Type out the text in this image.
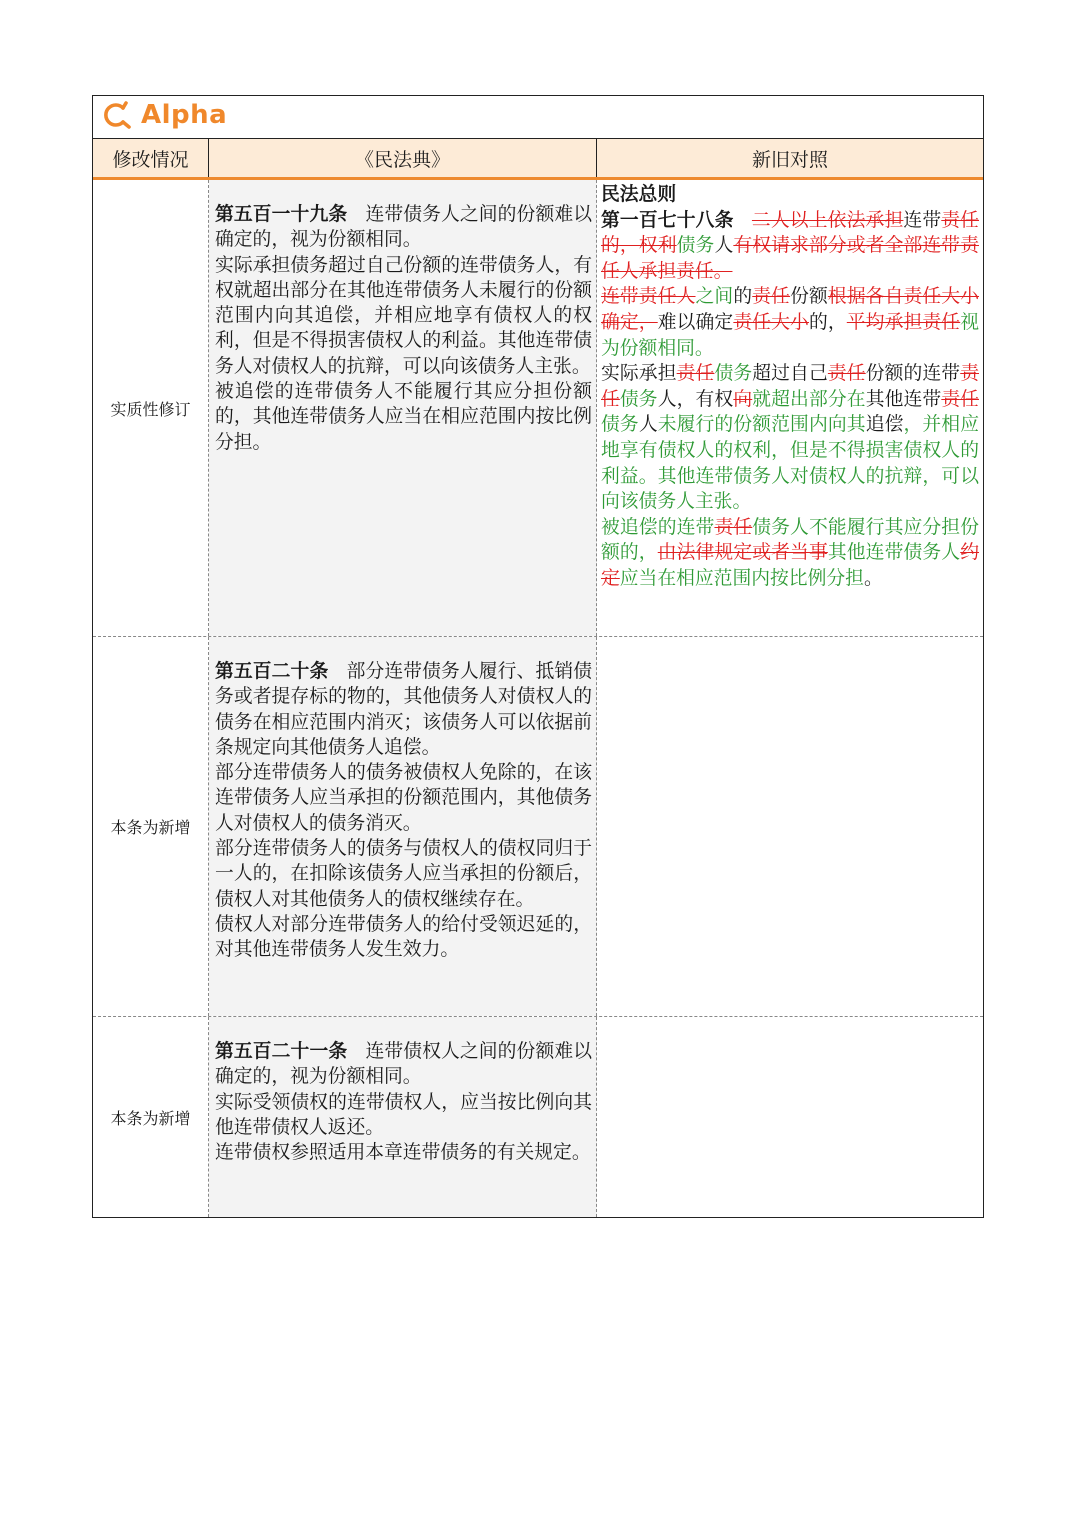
Alpha
修改情况	《民法典》	新旧对照
实质性修订

第五百一十九条 连带债务人之间的份额难以确定的，视为份额相同。

实际承担债务超过自己份额的连带债务人，有权就超出部分在其他连带债务人未履行的份额范围内向其追偿，并相应地享有债权人的权利，但是不得损害债权人的利益。其他连带债务人对债权人的抗辩，可以向该债务人主张。

被追偿的连带债务人不能履行其应分担份额的，其他连带债务人应当在相应范围内按比例分担。

民法总则

第一百七十八条 二人以上依法承担连带责任的，权利债务人有权请求部分或者全部连带责任人承担责任。

连带责任人之间的责任份额根据各自责任大小确定，难以确定责任大小的，平均承担责任视为份额相同。

实际承担责任债务超过自己责任份额的连带责任债务人，有权向就超出部分在其他连带责任债务人未履行的份额范围内向其追偿，并相应地享有债权人的权利，但是不得损害债权人的利益。其他连带债务人对债权人的抗辩，可以向该债务人主张。

被追偿的连带责任债务人不能履行其应分担份额的，由法律规定或者当事其他连带债务人约定应当在相应范围内按比例分担。

本条为新增

第五百二十条 部分连带债务人履行、抵销债务或者提存标的物的，其他债务人对债权人的债务在相应范围内消灭；该债务人可以依据前条规定向其他债务人追偿。

部分连带债务人的债务被债权人免除的，在该连带债务人应当承担的份额范围内，其他债务人对债权人的债务消灭。

部分连带债务人的债务与债权人的债权同归于一人的，在扣除该债务人应当承担的份额后，债权人对其他债务人的债权继续存在。

债权人对部分连带债务人的给付受领迟延的，对其他连带债务人发生效力。

本条为新增

第五百二十一条 连带债权人之间的份额难以确定的，视为份额相同。

实际受领债权的连带债权人，应当按比例向其他连带债权人返还。

连带债权参照适用本章连带债务的有关规定。
